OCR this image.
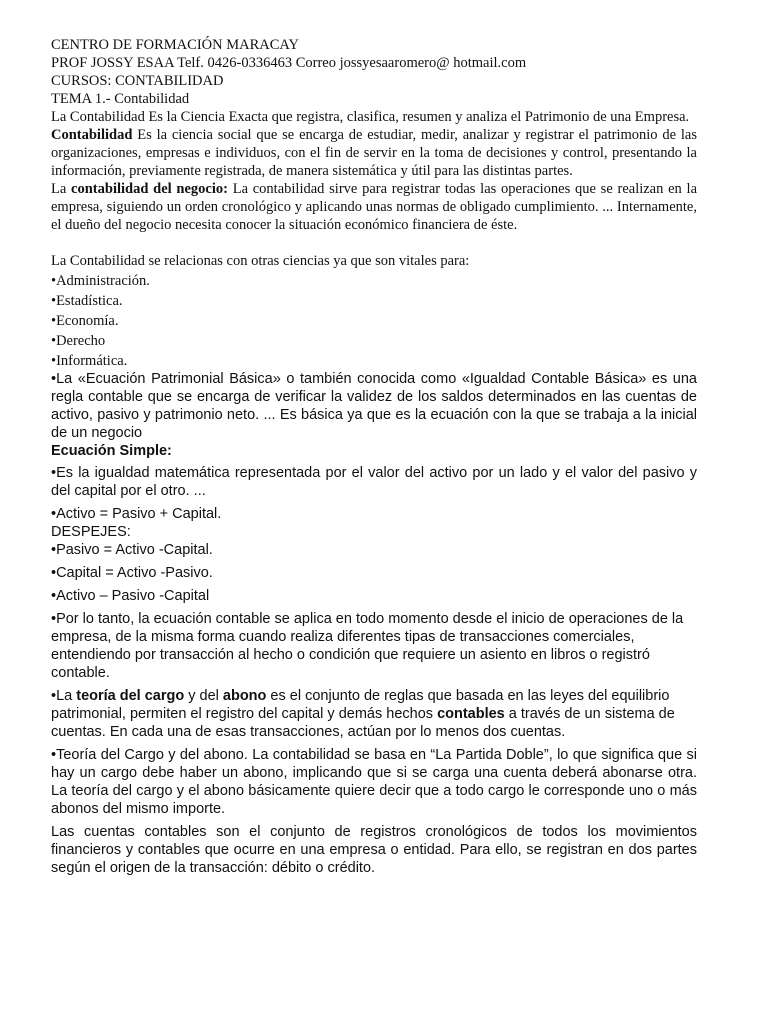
CENTRO DE FORMACIÓN MARACAY

PROF JOSSY ESAA Telf. 0426-0336463 Correo jossyesaaromero@ hotmail.com

CURSOS: CONTABILIDAD

TEMA 1.- Contabilidad

La Contabilidad Es la Ciencia Exacta que registra, clasifica, resumen y analiza el Patrimonio de una Empresa.

Contabilidad Es la ciencia social que se encarga de estudiar, medir, analizar y registrar el patrimonio de las organizaciones, empresas e individuos, con el fin de servir en la toma de decisiones y control, presentando la información, previamente registrada, de manera sistemática y útil para las distintas partes.

La contabilidad del negocio: La contabilidad sirve para registrar todas las operaciones que se realizan en la empresa, siguiendo un orden cronológico y aplicando unas normas de obligado cumplimiento. ... Internamente, el dueño del negocio necesita conocer la situación económico financiera de éste.

La Contabilidad se relacionas con otras ciencias ya que son vitales para:

•Administración.

•Estadística.

•Economía.

•Derecho

•Informática.

•La «Ecuación Patrimonial Básica» o también conocida como «Igualdad Contable Básica» es una regla contable que se encarga de verificar la validez de los saldos determinados en las cuentas de activo, pasivo y patrimonio neto. ... Es básica ya que es la ecuación con la que se trabaja a la inicial de un negocio

Ecuación Simple:

•Es la igualdad matemática representada por el valor del activo por un lado y el valor del pasivo y del capital por el otro. ...

•Activo = Pasivo + Capital.

DESPEJES:

•Pasivo = Activo -Capital.

•Capital = Activo -Pasivo.

•Activo – Pasivo -Capital

•Por lo tanto, la ecuación contable se aplica en todo momento desde el inicio de operaciones de la empresa, de la misma forma cuando realiza diferentes tipas de transacciones comerciales, entendiendo por transacción al hecho o condición que requiere un asiento en libros o registró contable.

•La teoría del cargo y del abono es el conjunto de reglas que basada en las leyes del equilibrio patrimonial, permiten el registro del capital y demás hechos contables a través de un sistema de cuentas. En cada una de esas transacciones, actúan por lo menos dos cuentas.

•Teoría del Cargo y del abono. La contabilidad se basa en “La Partida Doble”, lo que significa que si hay un cargo debe haber un abono, implicando que si se carga una cuenta deberá abonarse otra. La teoría del cargo y el abono básicamente quiere decir que a todo cargo le corresponde uno o más abonos del mismo importe.

Las cuentas contables son el conjunto de registros cronológicos de todos los movimientos financieros y contables que ocurre en una empresa o entidad. Para ello, se registran en dos partes según el origen de la transacción: débito o crédito.
